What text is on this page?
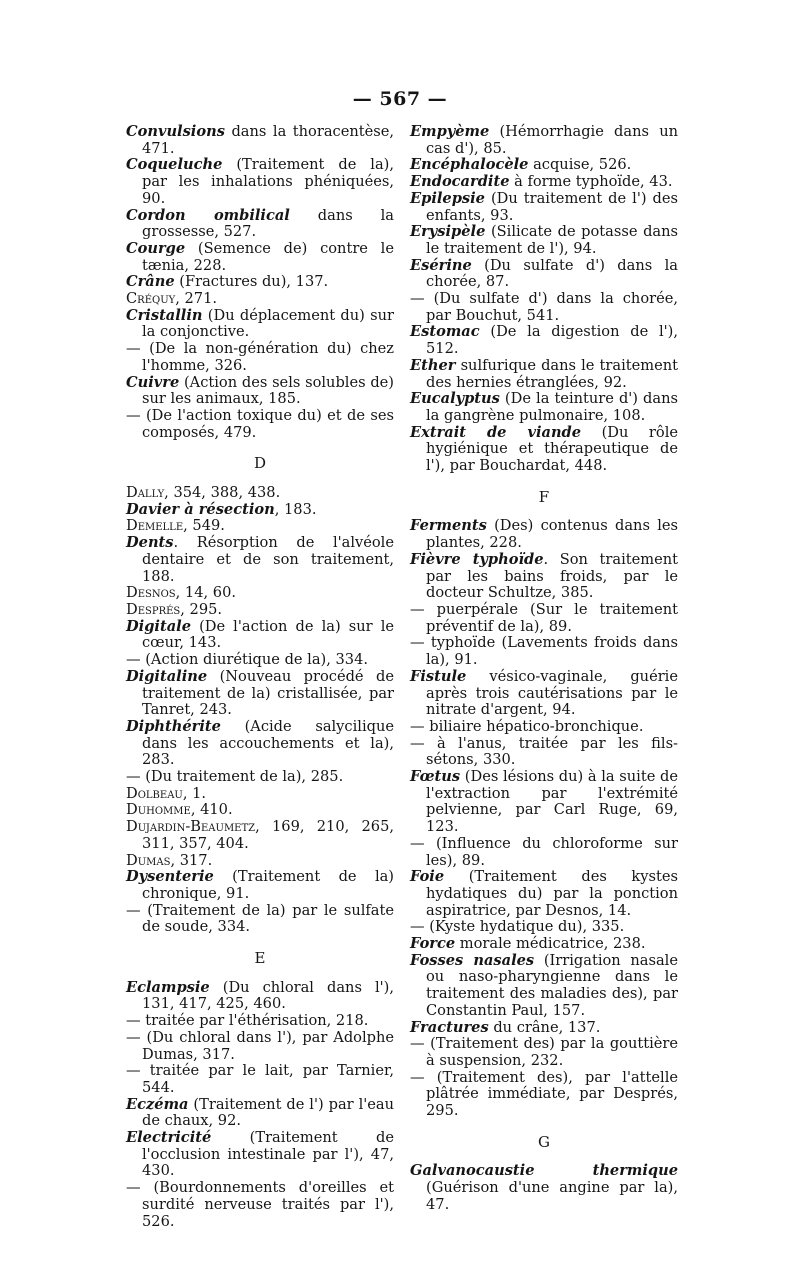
— 567 —

Convulsions dans la thoracentèse, 471.

Coqueluche (Traitement de la), par les inhalations phéniquées, 90.

Cordon ombilical dans la grossesse, 527.

Courge (Semence de) contre le tænia, 228.

Crâne (Fractures du), 137.

Créquy, 271.

Cristallin (Du déplacement du) sur la conjonctive.

— (De la non-génération du) chez l'homme, 326.

Cuivre (Action des sels solubles de) sur les animaux, 185.

— (De l'action toxique du) et de ses composés, 479.

D

Dally, 354, 388, 438.

Davier à résection, 183.

Demelle, 549.

Dents. Résorption de l'alvéole dentaire et de son traitement, 188.

Desnos, 14, 60.

Després, 295.

Digitale (De l'action de la) sur le cœur, 143.

— (Action diurétique de la), 334.

Digitaline (Nouveau procédé de traitement de la) cristallisée, par Tanret, 243.

Diphthérite (Acide salycilique dans les accouchements et la), 283.

— (Du traitement de la), 285.

Dolbeau, 1.

Duhomme, 410.

Dujardin-Beaumetz, 169, 210, 265, 311, 357, 404.

Dumas, 317.

Dysenterie (Traitement de la) chronique, 91.

— (Traitement de la) par le sulfate de soude, 334.

E

Eclampsie (Du chloral dans l'), 131, 417, 425, 460.

— traitée par l'éthérisation, 218.

— (Du chloral dans l'), par Adolphe Dumas, 317.

— traitée par le lait, par Tarnier, 544.

Eczéma (Traitement de l') par l'eau de chaux, 92.

Electricité (Traitement de l'occlusion intestinale par l'), 47, 430.

— (Bourdonnements d'oreilles et surdité nerveuse traités par l'), 526.

Empyème (Hémorrhagie dans un cas d'), 85.

Encéphalocèle acquise, 526.

Endocardite à forme typhoïde, 43.

Epilepsie (Du traitement de l') des enfants, 93.

Erysipèle (Silicate de potasse dans le traitement de l'), 94.

Esérine (Du sulfate d') dans la chorée, 87.

— (Du sulfate d') dans la chorée, par Bouchut, 541.

Estomac (De la digestion de l'), 512.

Ether sulfurique dans le traitement des hernies étranglées, 92.

Eucalyptus (De la teinture d') dans la gangrène pulmonaire, 108.

Extrait de viande (Du rôle hygiénique et thérapeutique de l'), par Bouchardat, 448.

F

Ferments (Des) contenus dans les plantes, 228.

Fièvre typhoïde. Son traitement par les bains froids, par le docteur Schultze, 385.

— puerpérale (Sur le traitement préventif de la), 89.

— typhoïde (Lavements froids dans la), 91.

Fistule vésico-vaginale, guérie après trois cautérisations par le nitrate d'argent, 94.

— biliaire hépatico-bronchique.

— à l'anus, traitée par les fils-sétons, 330.

Fœtus (Des lésions du) à la suite de l'extraction par l'extrémité pelvienne, par Carl Ruge, 69, 123.

— (Influence du chloroforme sur les), 89.

Foie (Traitement des kystes hydatiques du) par la ponction aspiratrice, par Desnos, 14.

— (Kyste hydatique du), 335.

Force morale médicatrice, 238.

Fosses nasales (Irrigation nasale ou naso-pharyngienne dans le traitement des maladies des), par Constantin Paul, 157.

Fractures du crâne, 137.

— (Traitement des) par la gouttière à suspension, 232.

— (Traitement des), par l'attelle plâtrée immédiate, par Després, 295.

G

Galvanocaustie thermique (Guérison d'une angine par la), 47.
